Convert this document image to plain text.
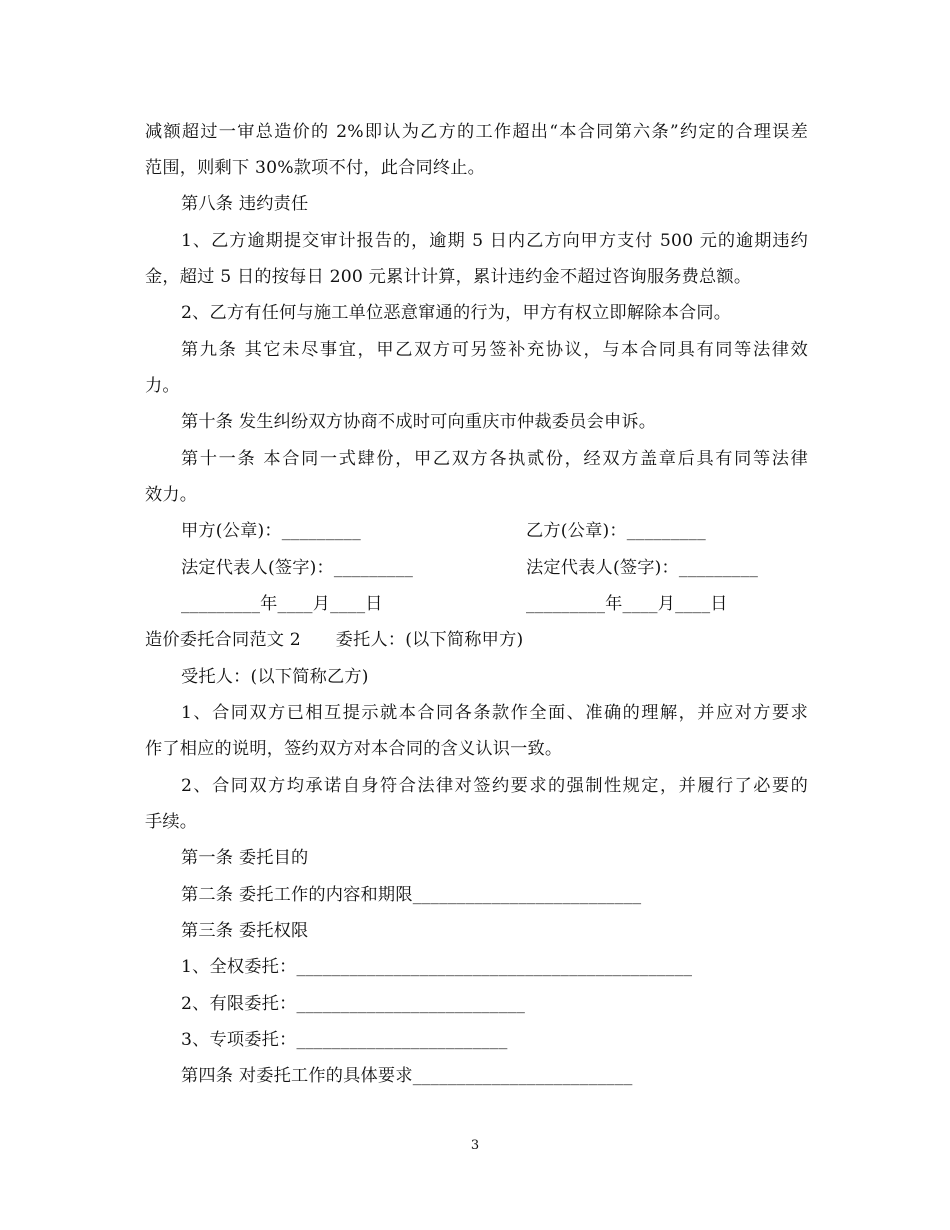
减额超过一审总造价的 2%即认为乙方的工作超出“本合同第六条”约定的合理误差
范围，则剩下 30%款项不付，此合同终止。
第八条 违约责任
1、乙方逾期提交审计报告的，逾期 5 日内乙方向甲方支付 500 元的逾期违约
金，超过 5 日的按每日 200 元累计计算，累计违约金不超过咨询服务费总额。
2、乙方有任何与施工单位恶意窜通的行为，甲方有权立即解除本合同。
第九条 其它未尽事宜，甲乙双方可另签补充协议，与本合同具有同等法律效
力。
第十条 发生纠纷双方协商不成时可向重庆市仲裁委员会申诉。
第十一条 本合同一式肆份，甲乙双方各执贰份，经双方盖章后具有同等法律
效力。
甲方(公章)：_________	乙方(公章)：_________
法定代表人(签字)：_________	法定代表人(签字)：_________
_________年____月____日	_________年____月____日
造价委托合同范文 2　　委托人：(以下简称甲方)
受托人：(以下简称乙方)
1、合同双方已相互提示就本合同各条款作全面、准确的理解，并应对方要求
作了相应的说明，签约双方对本合同的含义认识一致。
2、合同双方均承诺自身符合法律对签约要求的强制性规定，并履行了必要的
手续。
第一条 委托目的
第二条 委托工作的内容和期限__________________________
第三条 委托权限
1、全权委托：_____________________________________________
2、有限委托：__________________________
3、专项委托：________________________
第四条 对委托工作的具体要求_________________________
3
